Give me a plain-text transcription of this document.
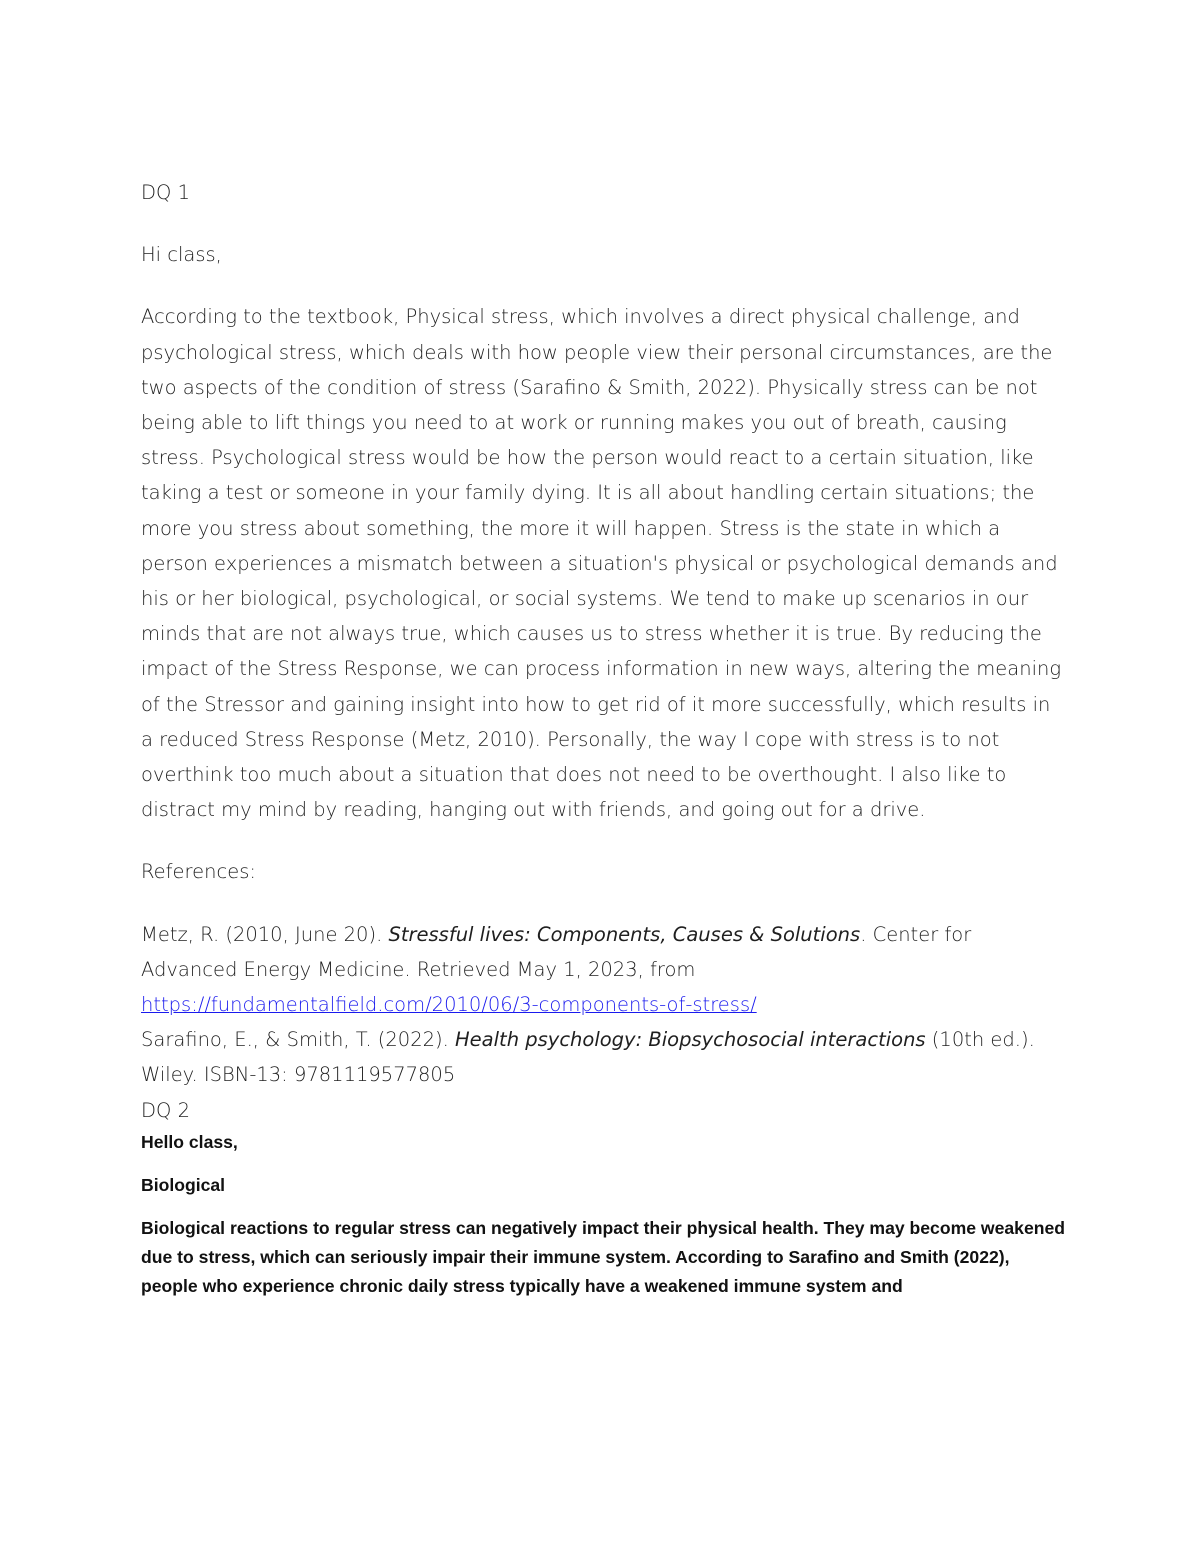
DQ 1

Hi class,

According to the textbook, Physical stress, which involves a direct physical challenge, and psychological stress, which deals with how people view their personal circumstances, are the two aspects of the condition of stress (Sarafino & Smith, 2022). Physically stress can be not being able to lift things you need to at work or running makes you out of breath, causing stress. Psychological stress would be how the person would react to a certain situation, like taking a test or someone in your family dying. It is all about handling certain situations; the more you stress about something, the more it will happen. Stress is the state in which a person experiences a mismatch between a situation's physical or psychological demands and his or her biological, psychological, or social systems. We tend to make up scenarios in our minds that are not always true, which causes us to stress whether it is true. By reducing the impact of the Stress Response, we can process information in new ways, altering the meaning of the Stressor and gaining insight into how to get rid of it more successfully, which results in a reduced Stress Response (Metz, 2010). Personally, the way I cope with stress is to not overthink too much about a situation that does not need to be overthought. I also like to distract my mind by reading, hanging out with friends, and going out for a drive.

References:

Metz, R. (2010, June 20). Stressful lives: Components, Causes & Solutions. Center for Advanced Energy Medicine. Retrieved May 1, 2023, from https://fundamentalfield.com/2010/06/3-components-of-stress/

Sarafino, E., & Smith, T. (2022). Health psychology: Biopsychosocial interactions (10th ed.). Wiley. ISBN-13: 9781119577805

DQ 2

Hello class,

Biological

Biological reactions to regular stress can negatively impact their physical health. They may become weakened due to stress, which can seriously impair their immune system. According to Sarafino and Smith (2022), people who experience chronic daily stress typically have a weakened immune system and
